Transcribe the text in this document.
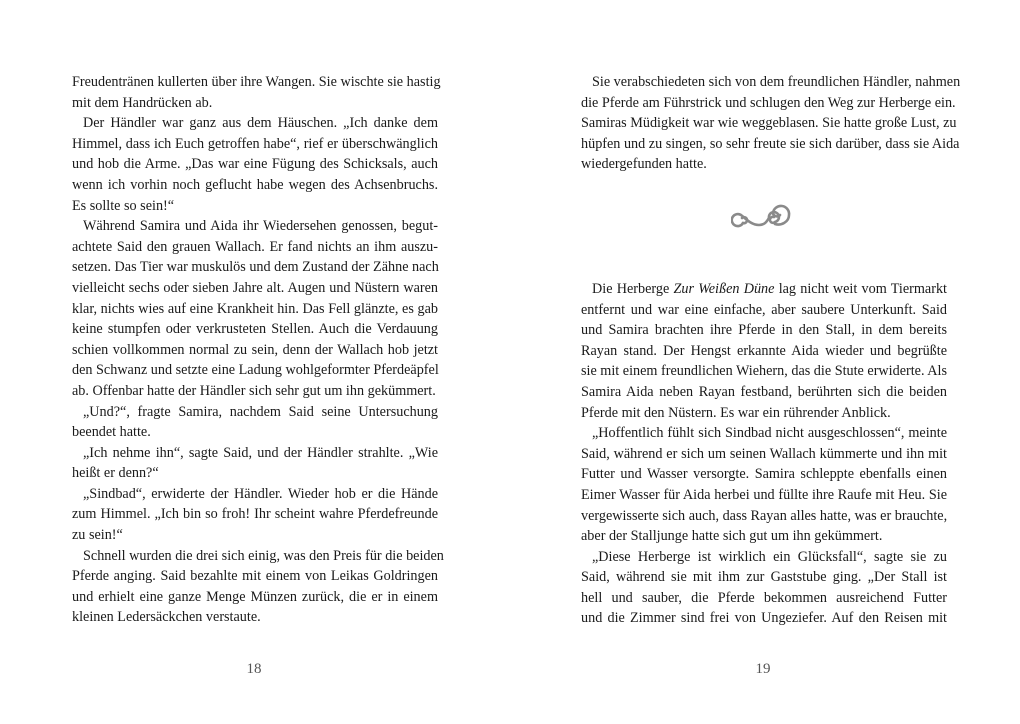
Freudentränen kullerten über ihre Wangen. Sie wischte sie hastig
mit dem Handrücken ab.
Der Händler war ganz aus dem Häuschen. „Ich danke dem
Himmel, dass ich Euch getroffen habe“, rief er überschwänglich
und hob die Arme. „Das war eine Fügung des Schicksals, auch
wenn ich vorhin noch geflucht habe wegen des Achsenbruchs.
Es sollte so sein!“
Während Samira und Aida ihr Wiedersehen genossen, begut-
achtete Said den grauen Wallach. Er fand nichts an ihm auszu-
setzen. Das Tier war muskulös und dem Zustand der Zähne nach
vielleicht sechs oder sieben Jahre alt. Augen und Nüstern waren
klar, nichts wies auf eine Krankheit hin. Das Fell glänzte, es gab
keine stumpfen oder verkrusteten Stellen. Auch die Verdauung
schien vollkommen normal zu sein, denn der Wallach hob jetzt
den Schwanz und setzte eine Ladung wohlgeformter Pferdeäpfel
ab. Offenbar hatte der Händler sich sehr gut um ihn gekümmert.
„Und?“, fragte Samira, nachdem Said seine Untersuchung
beendet hatte.
„Ich nehme ihn“, sagte Said, und der Händler strahlte. „Wie
heißt er denn?“
„Sindbad“, erwiderte der Händler. Wieder hob er die Hände
zum Himmel. „Ich bin so froh! Ihr scheint wahre Pferdefreunde
zu sein!“
Schnell wurden die drei sich einig, was den Preis für die beiden
Pferde anging. Said bezahlte mit einem von Leikas Goldringen
und erhielt eine ganze Menge Münzen zurück, die er in einem
kleinen Ledersäckchen verstaute.
18
Sie verabschiedeten sich von dem freundlichen Händler, nahmen
die Pferde am Führstrick und schlugen den Weg zur Herberge ein.
Samiras Müdigkeit war wie weggeblasen. Sie hatte große Lust, zu
hüpfen und zu singen, so sehr freute sie sich darüber, dass sie Aida
wiedergefunden hatte.
Die Herberge Zur Weißen Düne lag nicht weit vom Tiermarkt
entfernt und war eine einfache, aber saubere Unterkunft. Said
und Samira brachten ihre Pferde in den Stall, in dem bereits
Rayan stand. Der Hengst erkannte Aida wieder und begrüßte
sie mit einem freundlichen Wiehern, das die Stute erwiderte. Als
Samira Aida neben Rayan festband, berührten sich die beiden
Pferde mit den Nüstern. Es war ein rührender Anblick.
„Hoffentlich fühlt sich Sindbad nicht ausgeschlossen“, meinte
Said, während er sich um seinen Wallach kümmerte und ihn mit
Futter und Wasser versorgte. Samira schleppte ebenfalls einen
Eimer Wasser für Aida herbei und füllte ihre Raufe mit Heu. Sie
vergewisserte sich auch, dass Rayan alles hatte, was er brauchte,
aber der Stalljunge hatte sich gut um ihn gekümmert.
„Diese Herberge ist wirklich ein Glücksfall“, sagte sie zu
Said, während sie mit ihm zur Gaststube ging. „Der Stall ist
hell und sauber, die Pferde bekommen ausreichend Futter
und die Zimmer sind frei von Ungeziefer. Auf den Reisen mit
19
